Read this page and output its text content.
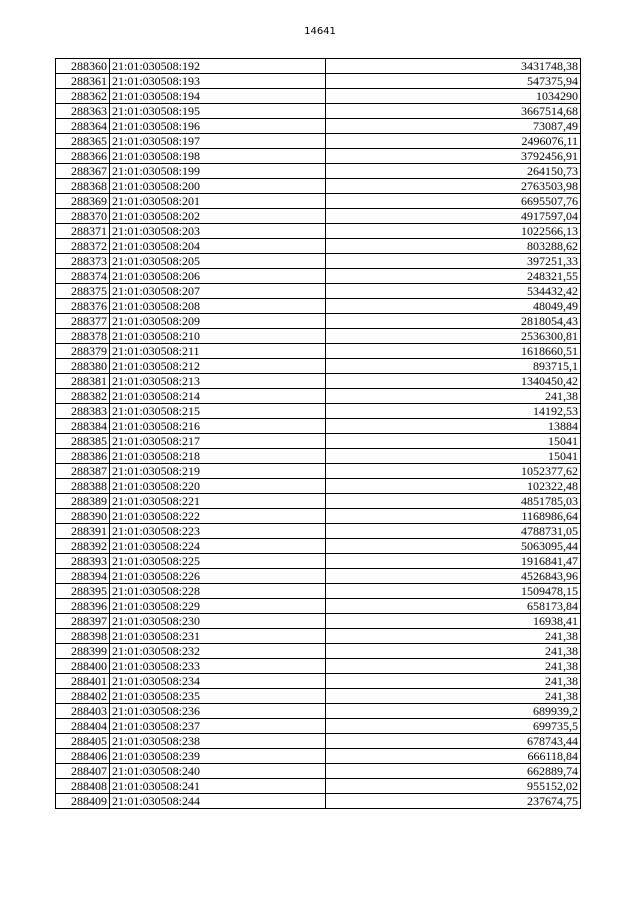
14641
288360	21:01:030508:192	3431748,38
288361	21:01:030508:193	547375,94
288362	21:01:030508:194	1034290
288363	21:01:030508:195	3667514,68
288364	21:01:030508:196	73087,49
288365	21:01:030508:197	2496076,11
288366	21:01:030508:198	3792456,91
288367	21:01:030508:199	264150,73
288368	21:01:030508:200	2763503,98
288369	21:01:030508:201	6695507,76
288370	21:01:030508:202	4917597,04
288371	21:01:030508:203	1022566,13
288372	21:01:030508:204	803288,62
288373	21:01:030508:205	397251,33
288374	21:01:030508:206	248321,55
288375	21:01:030508:207	534432,42
288376	21:01:030508:208	48049,49
288377	21:01:030508:209	2818054,43
288378	21:01:030508:210	2536300,81
288379	21:01:030508:211	1618660,51
288380	21:01:030508:212	893715,1
288381	21:01:030508:213	1340450,42
288382	21:01:030508:214	241,38
288383	21:01:030508:215	14192,53
288384	21:01:030508:216	13884
288385	21:01:030508:217	15041
288386	21:01:030508:218	15041
288387	21:01:030508:219	1052377,62
288388	21:01:030508:220	102322,48
288389	21:01:030508:221	4851785,03
288390	21:01:030508:222	1168986,64
288391	21:01:030508:223	4788731,05
288392	21:01:030508:224	5063095,44
288393	21:01:030508:225	1916841,47
288394	21:01:030508:226	4526843,96
288395	21:01:030508:228	1509478,15
288396	21:01:030508:229	658173,84
288397	21:01:030508:230	16938,41
288398	21:01:030508:231	241,38
288399	21:01:030508:232	241,38
288400	21:01:030508:233	241,38
288401	21:01:030508:234	241,38
288402	21:01:030508:235	241,38
288403	21:01:030508:236	689939,2
288404	21:01:030508:237	699735,5
288405	21:01:030508:238	678743,44
288406	21:01:030508:239	666118,84
288407	21:01:030508:240	662889,74
288408	21:01:030508:241	955152,02
288409	21:01:030508:244	237674,75
